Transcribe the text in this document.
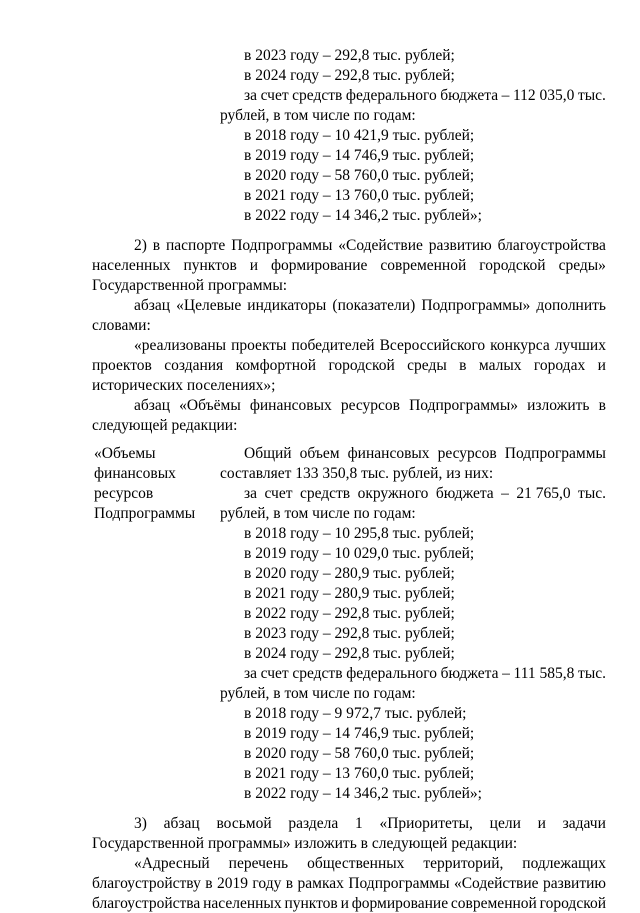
в 2023 году – 292,8 тыс. рублей;
в 2024 году – 292,8 тыс. рублей;
за счет средств федерального бюджета – 112 035,0 тыс.
рублей, в том числе по годам:
в 2018 году – 10 421,9 тыс. рублей;
в 2019 году – 14 746,9 тыс. рублей;
в 2020 году – 58 760,0 тыс. рублей;
в 2021 году – 13 760,0 тыс. рублей;
в 2022 году – 14 346,2 тыс. рублей»;
2) в паспорте Подпрограммы «Содействие развитию благоустройства
населенных пунктов и формирование современной городской среды»
Государственной программы:
абзац «Целевые индикаторы (показатели) Подпрограммы» дополнить
словами:
«реализованы проекты победителей Всероссийского конкурса лучших
проектов создания комфортной городской среды в малых городах и
исторических поселениях»;
абзац «Объёмы финансовых ресурсов Подпрограммы» изложить в
следующей редакции:
«Объемы
финансовых
ресурсов
Подпрограммы
Общий объем финансовых ресурсов Подпрограммы
составляет 133 350,8 тыс. рублей, из них:
за счет средств окружного бюджета – 21 765,0 тыс.
рублей, в том числе по годам:
в 2018 году – 10 295,8 тыс. рублей;
в 2019 году – 10 029,0 тыс. рублей;
в 2020 году – 280,9 тыс. рублей;
в 2021 году – 280,9 тыс. рублей;
в 2022 году – 292,8 тыс. рублей;
в 2023 году – 292,8 тыс. рублей;
в 2024 году – 292,8 тыс. рублей;
за счет средств федерального бюджета – 111 585,8 тыс.
рублей, в том числе по годам:
в 2018 году – 9 972,7 тыс. рублей;
в 2019 году – 14 746,9 тыс. рублей;
в 2020 году – 58 760,0 тыс. рублей;
в 2021 году – 13 760,0 тыс. рублей;
в 2022 году – 14 346,2 тыс. рублей»;
3) абзац восьмой раздела 1 «Приоритеты, цели и задачи
Государственной программы» изложить в следующей редакции:
«Адресный перечень общественных территорий, подлежащих
благоустройству в 2019 году в рамках Подпрограммы «Содействие развитию
благоустройства населенных пунктов и формирование современной городской
